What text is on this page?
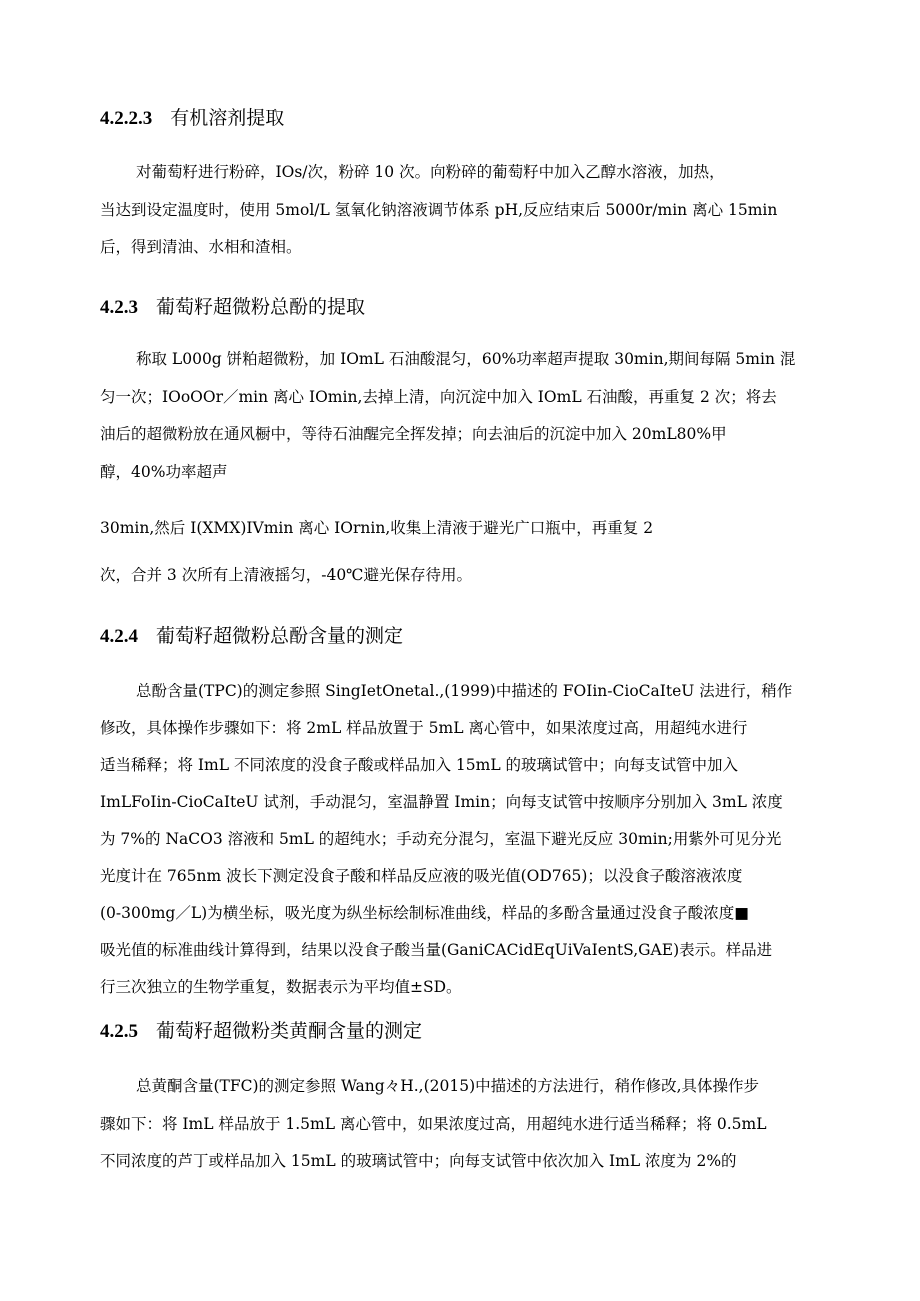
4.2.2.3 有机溶剂提取
对葡萄籽进行粉碎，IOs/次，粉碎 10 次。向粉碎的葡萄籽中加入乙醇水溶液，加热，
当达到设定温度时，使用 5mol/L 氢氧化钠溶液调节体系 pH,反应结束后 5000r/min 离心 15min
后，得到清油、水相和渣相。
4.2.3 葡萄籽超微粉总酚的提取
称取 L000g 饼粕超微粉，加 IOmL 石油酸混匀，60%功率超声提取 30min,期间每隔 5min 混
匀一次；IOoOOr／min 离心 IOmin,去掉上清，向沉淀中加入 IOmL 石油酸，再重复 2 次；将去
油后的超微粉放在通风橱中，等待石油醒完全挥发掉；向去油后的沉淀中加入 20mL80%甲
醇，40%功率超声
30min,然后 I(XMX)IVmin 离心 IOrnin,收集上清液于避光广口瓶中，再重复 2
次，合并 3 次所有上清液摇匀，-40℃避光保存待用。
4.2.4 葡萄籽超微粉总酚含量的测定
总酚含量(TPC)的测定参照 SingIetOnetal.,(1999)中描述的 FOIin-CioCaIteU 法进行，稍作
修改，具体操作步骤如下：将 2mL 样品放置于 5mL 离心管中，如果浓度过高，用超纯水进行
适当稀释；将 ImL 不同浓度的没食子酸或样品加入 15mL 的玻璃试管中；向每支试管中加入
ImLFoIin-CioCaIteU 试剂，手动混匀，室温静置 Imin；向每支试管中按顺序分别加入 3mL 浓度
为 7%的 NaCO3 溶液和 5mL 的超纯水；手动充分混匀，室温下避光反应 30min;用紫外可见分光
光度计在 765nm 波长下测定没食子酸和样品反应液的吸光值(OD765)；以没食子酸溶液浓度
(0-300mg／L)为横坐标，吸光度为纵坐标绘制标准曲线，样品的多酚含量通过没食子酸浓度■
吸光值的标准曲线计算得到，结果以没食子酸当量(GaniCACidEqUiVaIentS,GAE)表示。样品进
行三次独立的生物学重复，数据表示为平均值±SD。
4.2.5 葡萄籽超微粉类黄酮含量的测定
总黄酮含量(TFC)的测定参照 Wang々H.,(2015)中描述的方法进行，稍作修改,具体操作步
骤如下：将 ImL 样品放于 1.5mL 离心管中，如果浓度过高，用超纯水进行适当稀释；将 0.5mL
不同浓度的芦丁或样品加入 15mL 的玻璃试管中；向每支试管中依次加入 ImL 浓度为 2%的
